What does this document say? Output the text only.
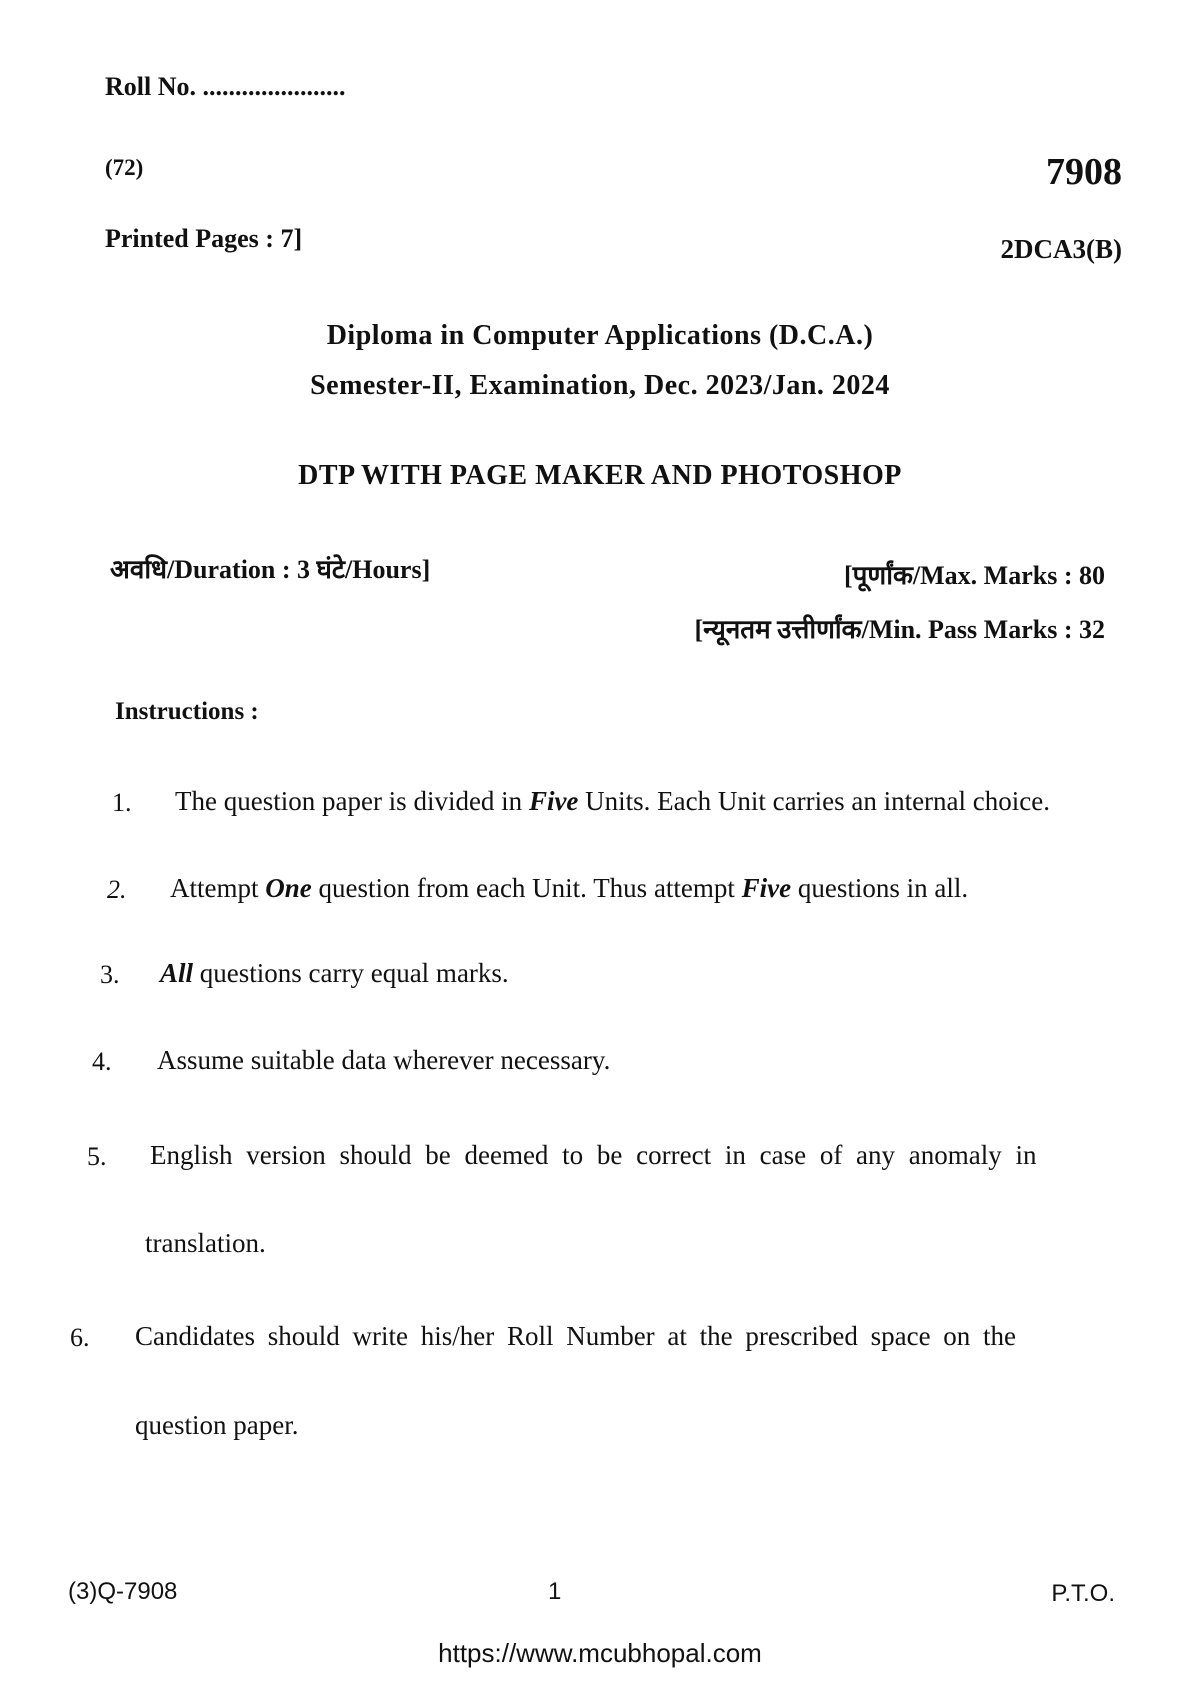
Roll No. ......................
(72)	7908
Printed Pages : 7]	2DCA3(B)
Diploma in Computer Applications (D.C.A.)
Semester-II, Examination, Dec. 2023/Jan. 2024
DTP WITH PAGE MAKER AND PHOTOSHOP
अवधि/Duration : 3 घंटे/Hours]	[पूर्णांक/Max. Marks : 80
[न्यूनतम उत्तीर्णांक/Min. Pass Marks : 32
Instructions :
1. The question paper is divided in Five Units. Each Unit carries an internal choice.
2. Attempt One question from each Unit. Thus attempt Five questions in all.
3. All questions carry equal marks.
4. Assume suitable data wherever necessary.
5. English version should be deemed to be correct in case of any anomaly in
translation.
6. Candidates should write his/her Roll Number at the prescribed space on the
question paper.
(3)Q-7908	1	P.T.O.
https://www.mcubhopal.com
